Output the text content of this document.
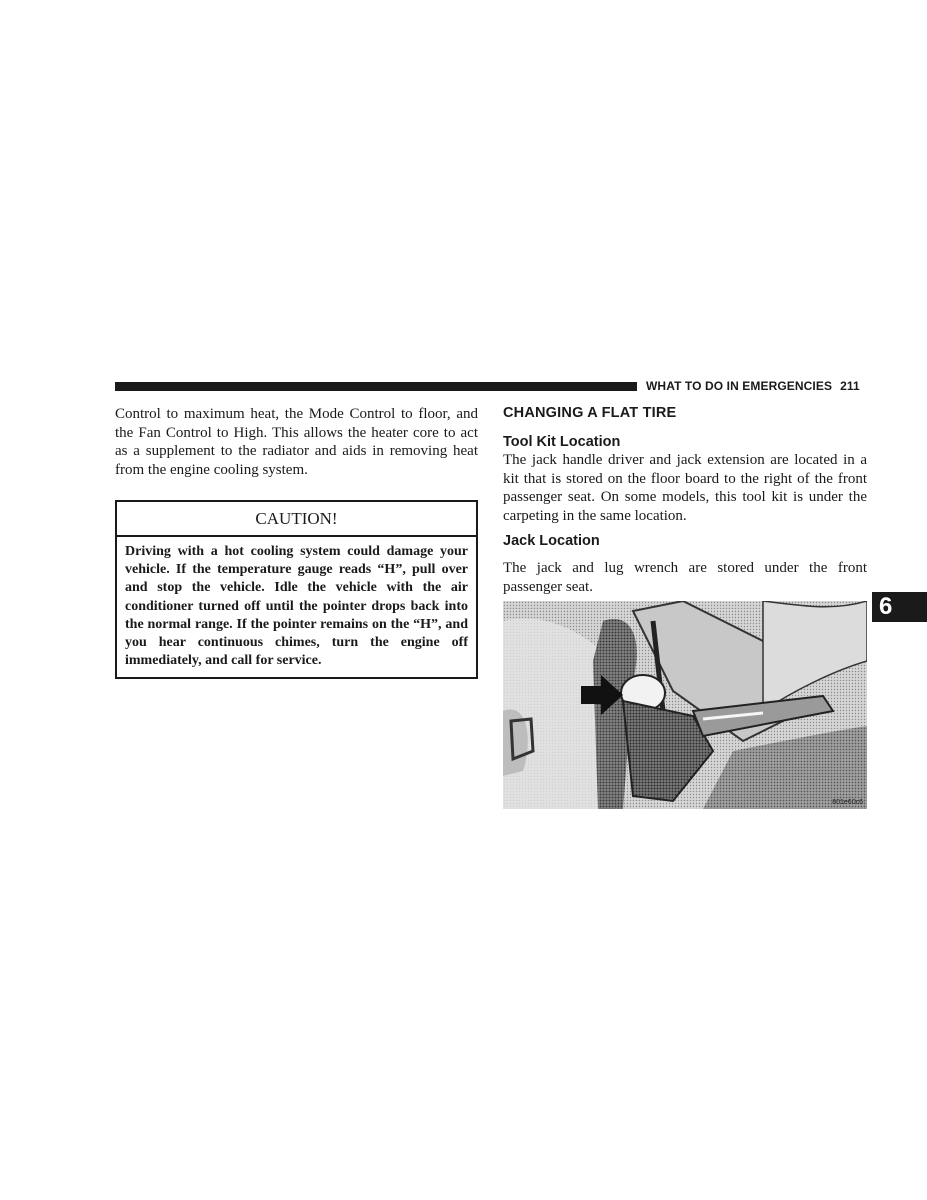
WHAT TO DO IN EMERGENCIES 211

Control to maximum heat, the Mode Control to floor, and the Fan Control to High. This allows the heater core to act as a supplement to the radiator and aids in removing heat from the engine cooling system.

CAUTION!

Driving with a hot cooling system could damage your vehicle. If the temperature gauge reads “H”, pull over and stop the vehicle. Idle the vehicle with the air conditioner turned off until the pointer drops back into the normal range. If the pointer remains on the “H”, and you hear continuous chimes, turn the engine off immediately, and call for service.

CHANGING A FLAT TIRE
Tool Kit Location

The jack handle driver and jack extension are located in a kit that is stored on the floor board to the right of the front passenger seat. On some models, this tool kit is under the carpeting in the same location.

Jack Location

The jack and lug wrench are stored under the front passenger seat.

6
801e60c6
